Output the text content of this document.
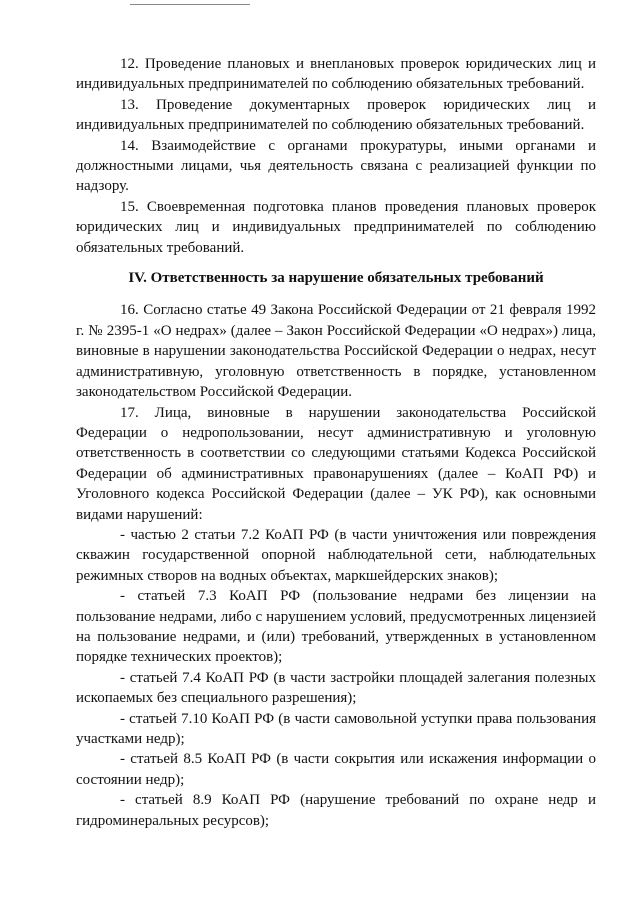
12. Проведение плановых и внеплановых проверок юридических лиц и индивидуальных предпринимателей по соблюдению обязательных требований.

13. Проведение документарных проверок юридических лиц и индивидуальных предпринимателей по соблюдению обязательных требований.

14. Взаимодействие с органами прокуратуры, иными органами и должностными лицами, чья деятельность связана с реализацией функции по надзору.

15. Своевременная подготовка планов проведения плановых проверок юридических лиц и индивидуальных предпринимателей по соблюдению обязательных требований.

IV. Ответственность за нарушение обязательных требований

16. Согласно статье 49 Закона Российской Федерации от 21 февраля 1992 г. № 2395-1 «О недрах» (далее – Закон Российской Федерации «О недрах») лица, виновные в нарушении законодательства Российской Федерации о недрах, несут административную, уголовную ответственность в порядке, установленном законодательством Российской Федерации.

17. Лица, виновные в нарушении законодательства Российской Федерации о недропользовании, несут административную и уголовную ответственность в соответствии со следующими статьями Кодекса Российской Федерации об административных правонарушениях (далее – КоАП РФ) и Уголовного кодекса Российской Федерации (далее – УК РФ), как основными видами нарушений:

- частью 2 статьи 7.2 КоАП РФ (в части уничтожения или повреждения скважин государственной опорной наблюдательной сети, наблюдательных режимных створов на водных объектах, маркшейдерских знаков);

- статьей 7.3 КоАП РФ (пользование недрами без лицензии на пользование недрами, либо с нарушением условий, предусмотренных лицензией на пользование недрами, и (или) требований, утвержденных в установленном порядке технических проектов);

- статьей 7.4 КоАП РФ (в части застройки площадей залегания полезных ископаемых без специального разрешения);

- статьей 7.10 КоАП РФ (в части самовольной уступки права пользования участками недр);

- статьей 8.5 КоАП РФ (в части сокрытия или искажения информации о состоянии недр);

- статьей 8.9 КоАП РФ (нарушение требований по охране недр и гидроминеральных ресурсов);
